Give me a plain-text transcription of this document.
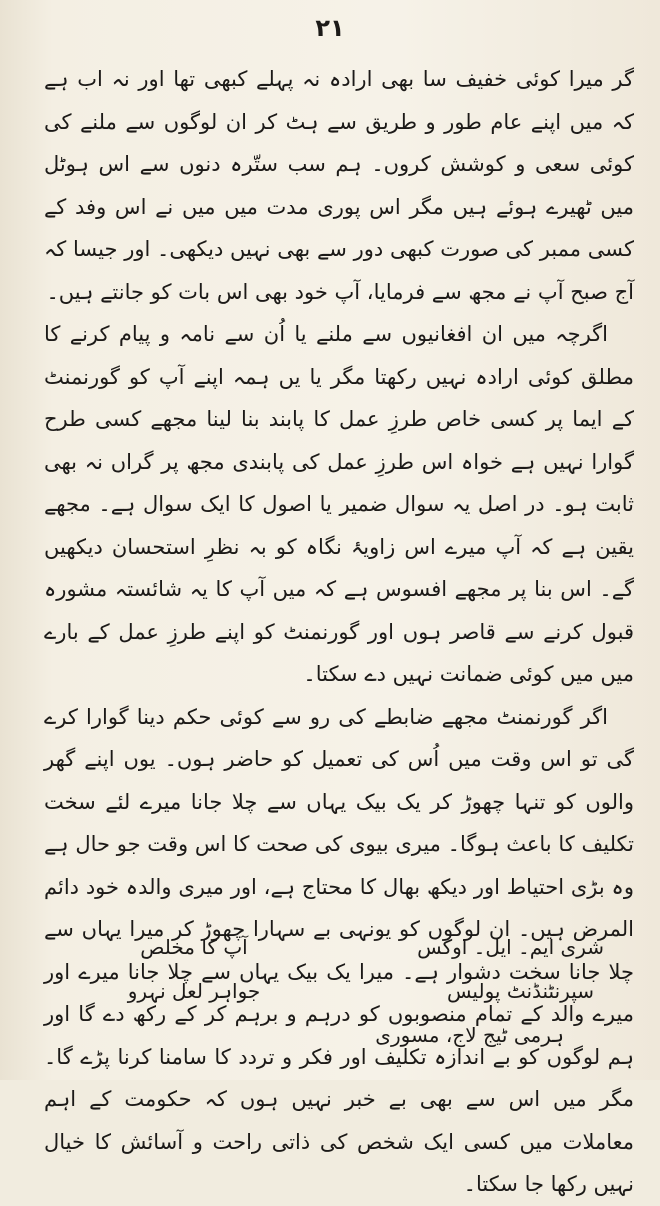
۲۱

گر میرا کوئی خفیف سا بھی ارادہ نہ پہلے کبھی تھا اور نہ اب ہے کہ میں اپنے عام طور و طریق سے ہٹ کر ان لوگوں سے ملنے کی کوئی سعی و کوشش کروں۔ ہم سب ستّرہ دنوں سے اس ہوٹل میں ٹھیرے ہوئے ہیں مگر اس پوری مدت میں میں نے اس وفد کے کسی ممبر کی صورت کبھی دور سے بھی نہیں دیکھی۔ اور جیسا کہ آج صبح آپ نے مجھ سے فرمایا، آپ خود بھی اس بات کو جانتے ہیں۔

اگرچہ میں ان افغانیوں سے ملنے یا اُن سے نامہ و پیام کرنے کا مطلق کوئی ارادہ نہیں رکھتا مگر یا یں ہمہ اپنے آپ کو گورنمنٹ کے ایما پر کسی خاص طرزِ عمل کا پابند بنا لینا مجھے کسی طرح گوارا نہیں ہے خواہ اس طرزِ عمل کی پابندی مجھ پر گراں نہ بھی ثابت ہو۔ در اصل یہ سوال ضمیر یا اصول کا ایک سوال ہے۔ مجھے یقین ہے کہ آپ میرے اس زاویۂ نگاہ کو بہ نظرِ استحسان دیکھیں گے۔ اس بنا پر مجھے افسوس ہے کہ میں آپ کا یہ شائستہ مشورہ قبول کرنے سے قاصر ہوں اور گورنمنٹ کو اپنے طرزِ عمل کے بارے میں میں کوئی ضمانت نہیں دے سکتا۔

اگر گورنمنٹ مجھے ضابطے کی رو سے کوئی حکم دینا گوارا کرے گی تو اس وقت میں اُس کی تعمیل کو حاضر ہوں۔ یوں اپنے گھر والوں کو تنہا چھوڑ کر یک بیک یہاں سے چلا جانا میرے لئے سخت تکلیف کا باعث ہوگا۔ میری بیوی کی صحت کا اس وقت جو حال ہے وہ بڑی احتیاط اور دیکھ بھال کا محتاج ہے، اور میری والدہ خود دائم المرض ہیں۔ ان لوگوں کو یونہی بے سہارا چھوڑ کر میرا یہاں سے چلا جانا سخت دشوار ہے۔ میرا یک بیک یہاں سے چلا جانا میرے اور میرے والد کے تمام منصوبوں کو درہم و برہم کر کے رکھ دے گا اور ہم لوگوں کو بے اندازہ تکلیف اور فکر و تردد کا سامنا کرنا پڑے گا۔ مگر میں اس سے بھی بے خبر نہیں ہوں کہ حکومت کے اہم معاملات میں کسی ایک شخص کی ذاتی راحت و آسائش کا خیال نہیں رکھا جا سکتا۔

شری ایم۔ ایل۔ اوکس
سپرنٹنڈنٹ پولیس
ہرمی ٹیج لاج، مسوری
آپ کا مخلص
جواہر لعل نہرو
